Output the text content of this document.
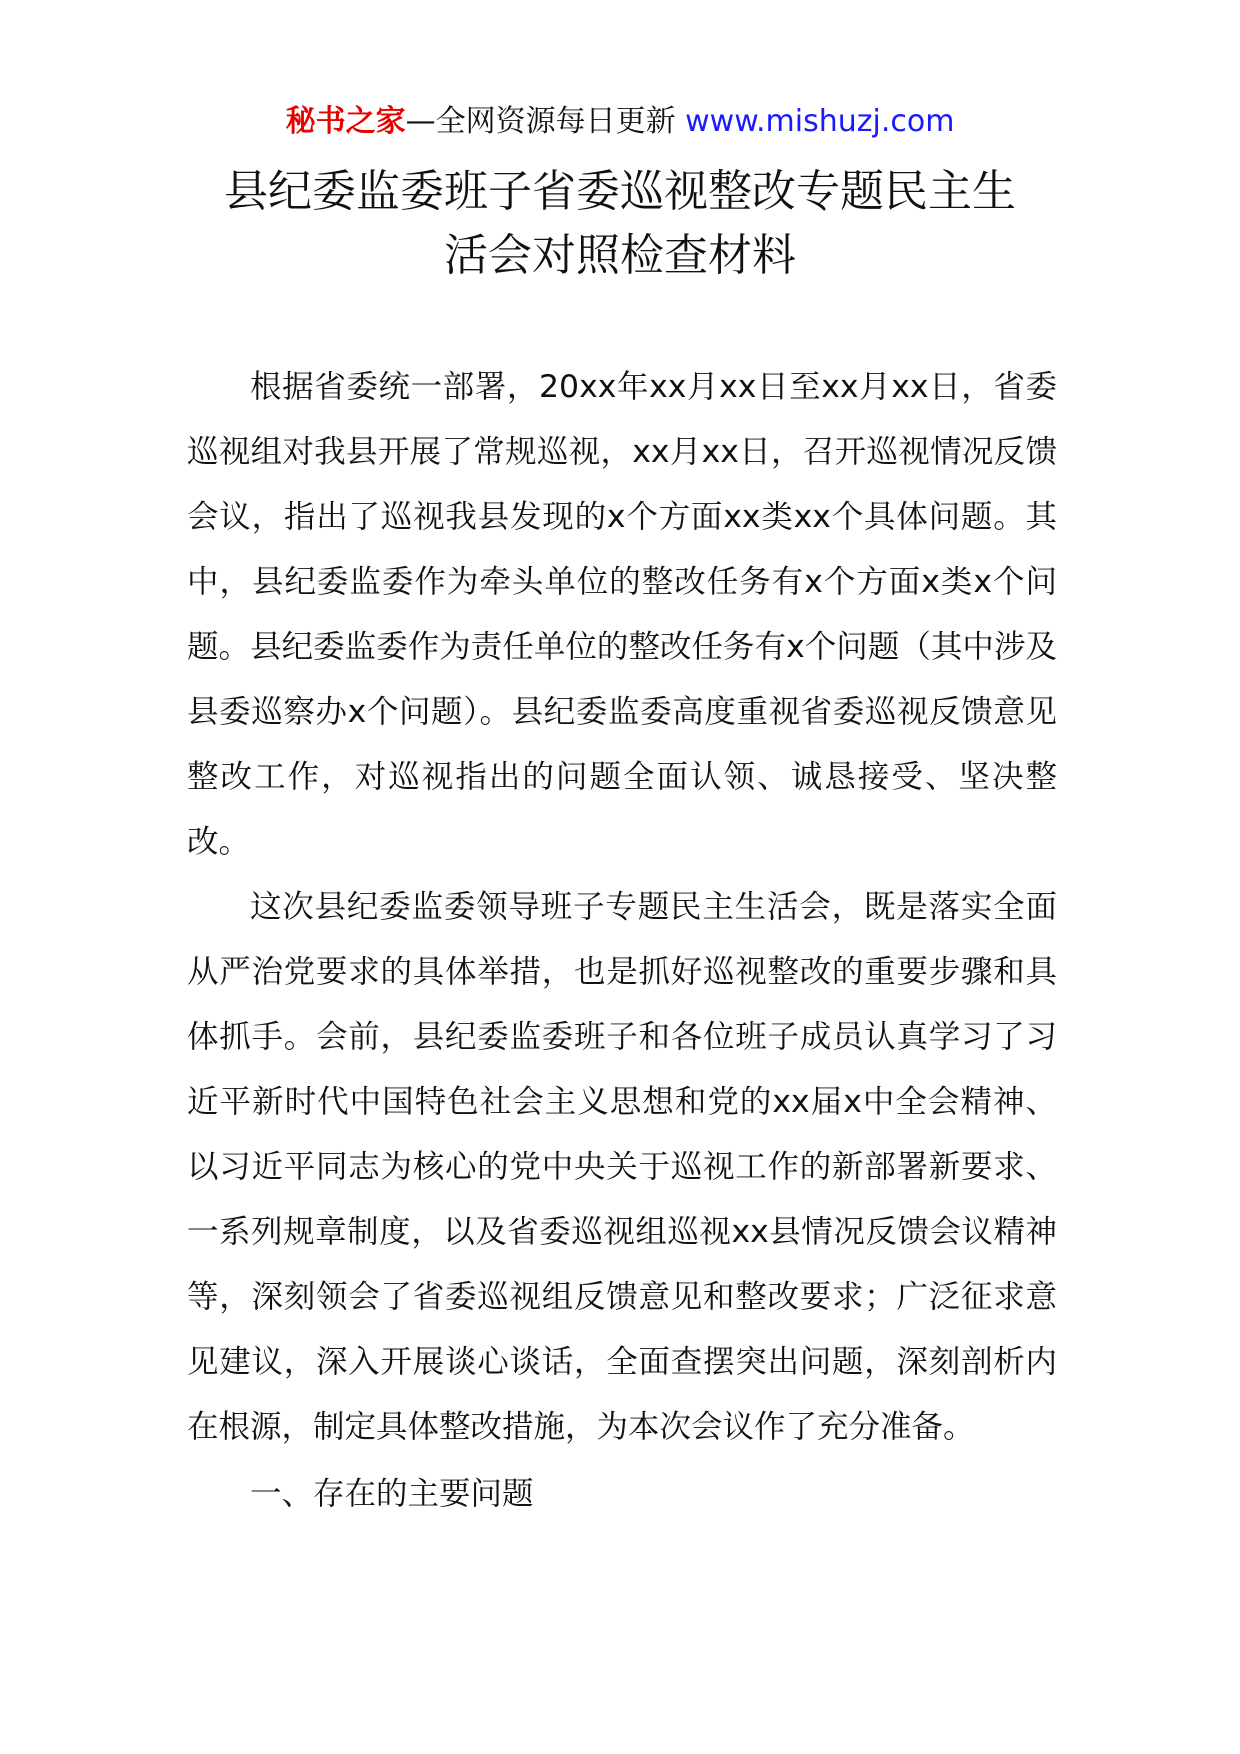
秘书之家—全网资源每日更新 www.mishuzj.com
县纪委监委班子省委巡视整改专题民主生
活会对照检查材料

根据省委统一部署，20xx年xx月xx日至xx月xx日，省委巡视组对我县开展了常规巡视，xx月xx日，召开巡视情况反馈会议，指出了巡视我县发现的x个方面xx类xx个具体问题。其中，县纪委监委作为牵头单位的整改任务有x个方面x类x个问题。县纪委监委作为责任单位的整改任务有x个问题（其中涉及县委巡察办x个问题）。县纪委监委高度重视省委巡视反馈意见整改工作，对巡视指出的问题全面认领、诚恳接受、坚决整改。

这次县纪委监委领导班子专题民主生活会，既是落实全面从严治党要求的具体举措，也是抓好巡视整改的重要步骤和具体抓手。会前，县纪委监委班子和各位班子成员认真学习了习近平新时代中国特色社会主义思想和党的xx届x中全会精神、以习近平同志为核心的党中央关于巡视工作的新部署新要求、一系列规章制度，以及省委巡视组巡视xx县情况反馈会议精神等，深刻领会了省委巡视组反馈意见和整改要求；广泛征求意见建议，深入开展谈心谈话，全面查摆突出问题，深刻剖析内在根源，制定具体整改措施，为本次会议作了充分准备。

一、存在的主要问题
